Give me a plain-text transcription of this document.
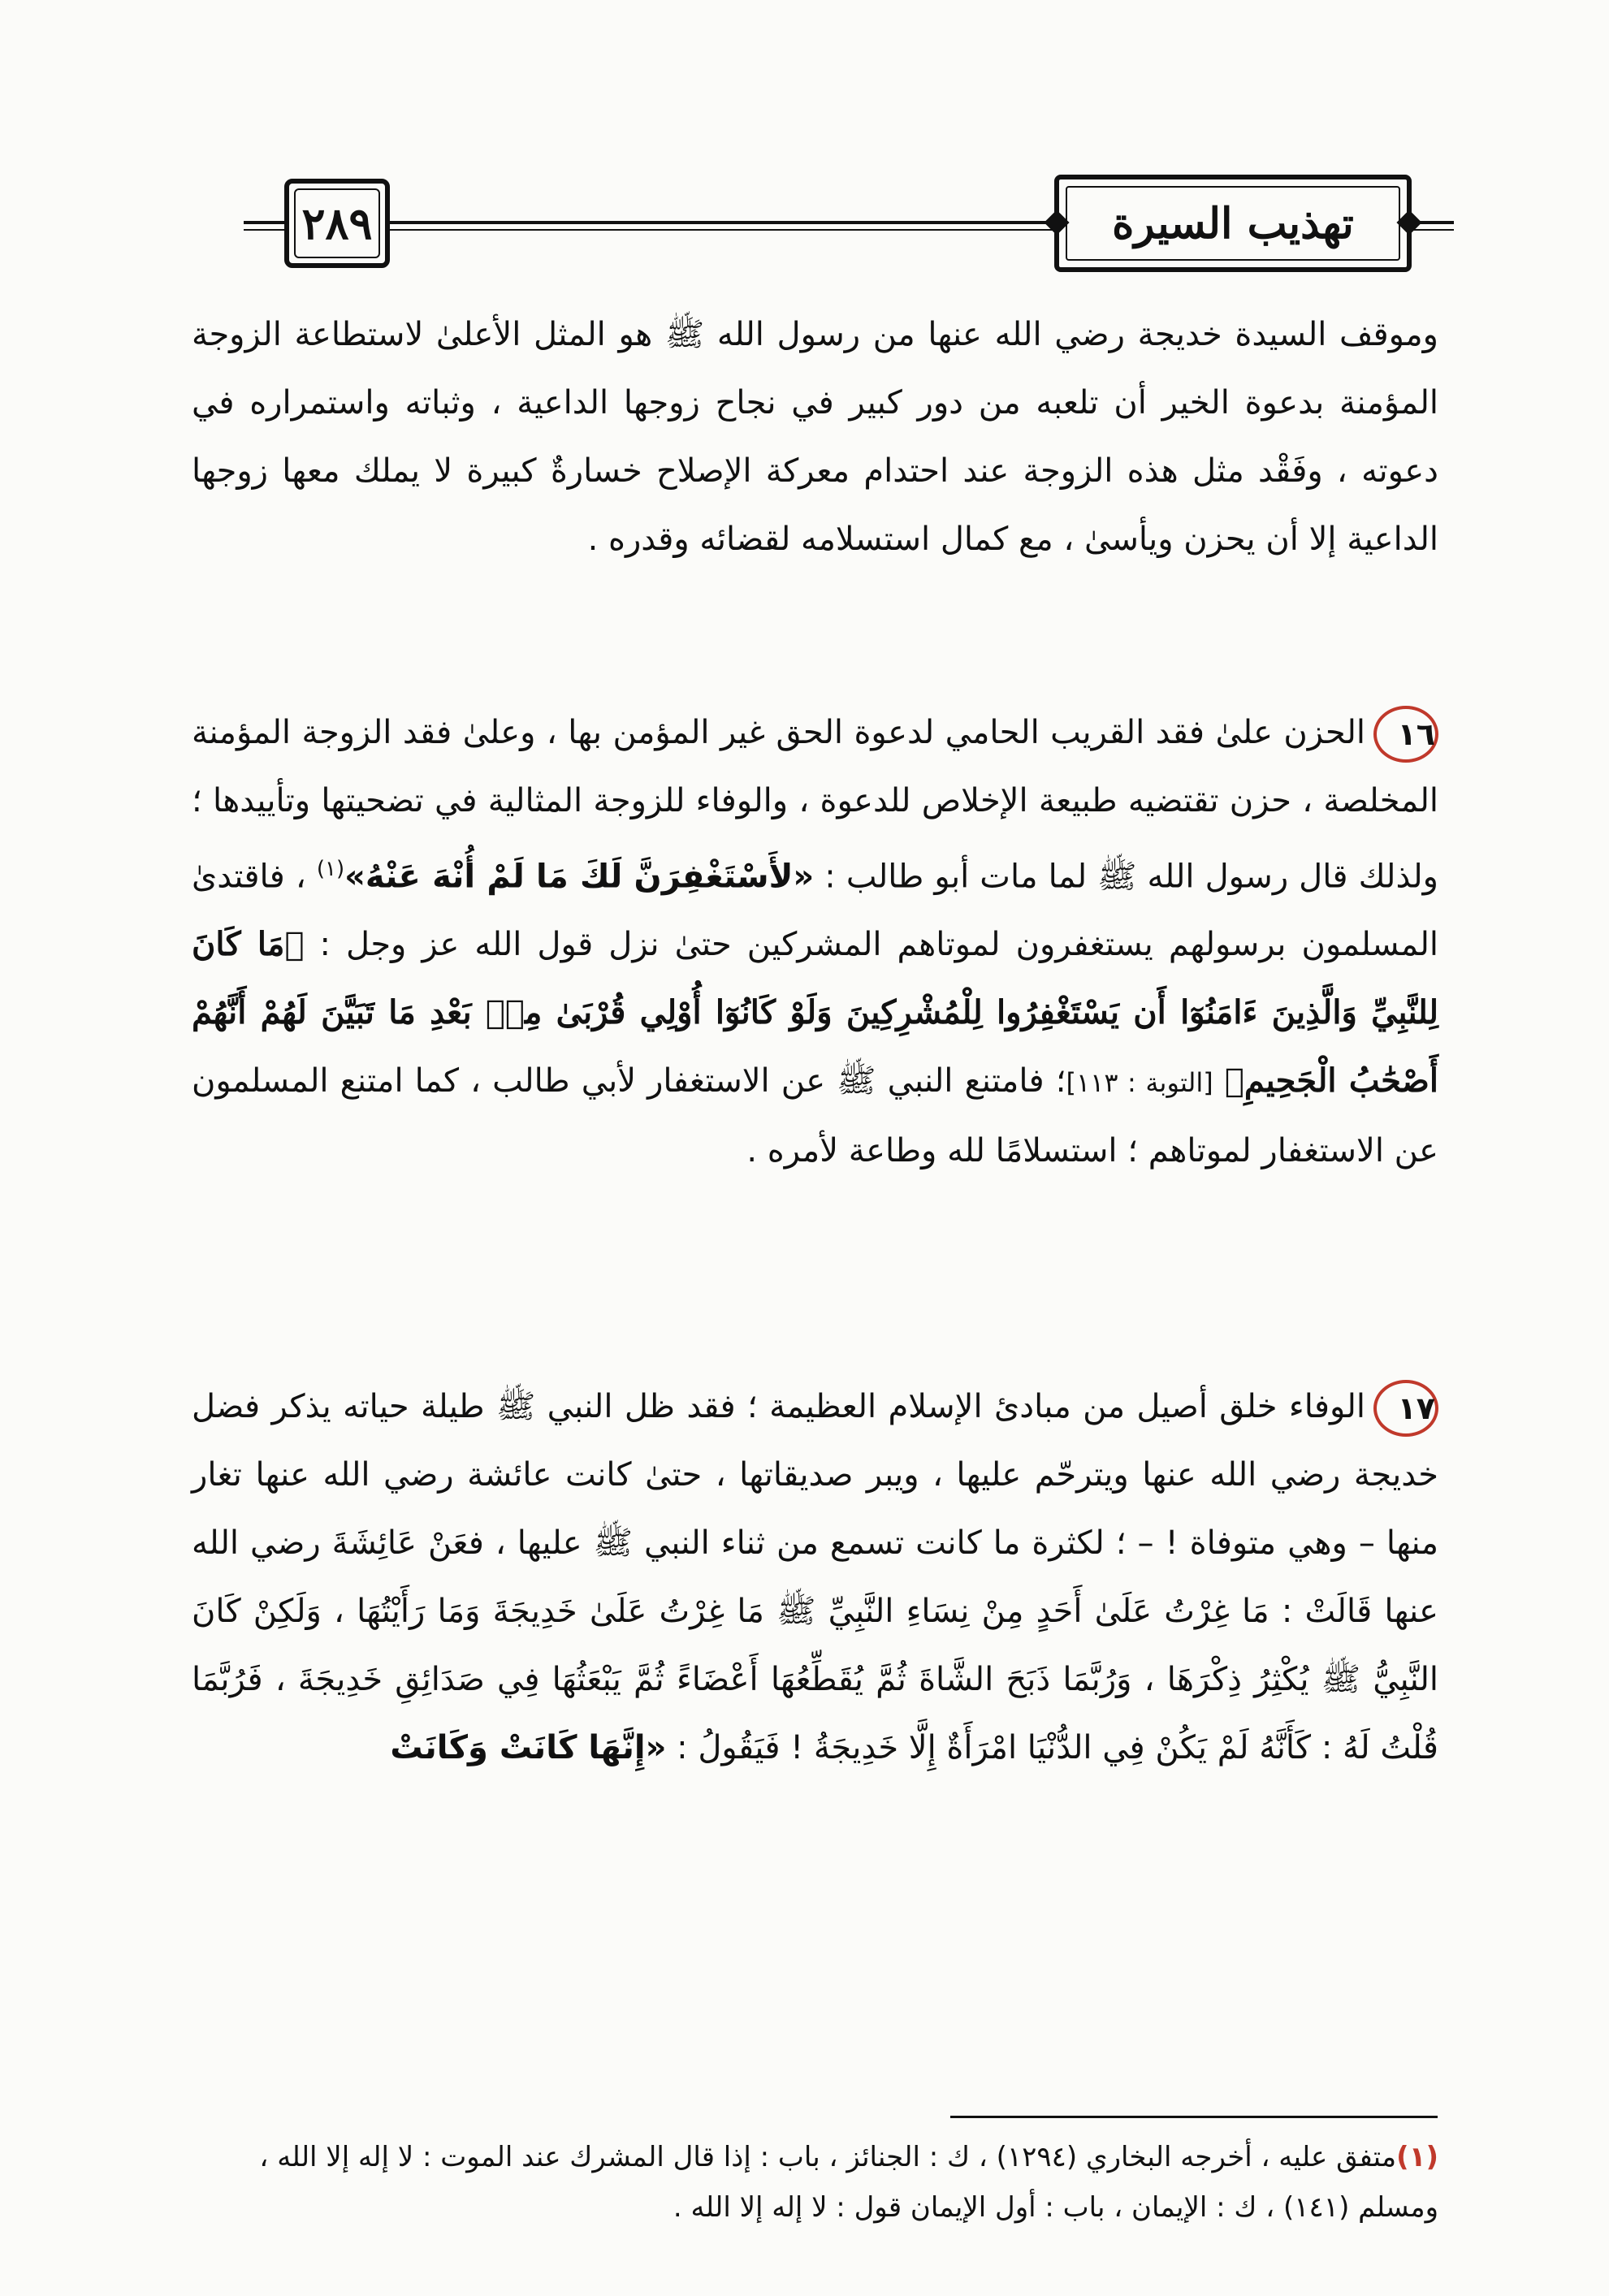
٢٨٩	تهذيب السيرة

وموقف السيدة خديجة رضي الله عنها من رسول الله ﷺ هو المثل الأعلىٰ لاستطاعة الزوجة المؤمنة بدعوة الخير أن تلعبه من دور كبير في نجاح زوجها الداعية ، وثباته واستمراره في دعوته ، وفَقْد مثل هذه الزوجة عند احتدام معركة الإصلاح خسارةٌ كبيرة لا يملك معها زوجها الداعية إلا أن يحزن ويأسىٰ ، مع كمال استسلامه لقضائه وقدره .

١٦الحزن علىٰ فقد القريب الحامي لدعوة الحق غير المؤمن بها ، وعلىٰ فقد الزوجة المؤمنة المخلصة ، حزن تقتضيه طبيعة الإخلاص للدعوة ، والوفاء للزوجة المثالية في تضحيتها وتأييدها ؛ ولذلك قال رسول الله ﷺ لما مات أبو طالب : «لأَسْتَغْفِرَنَّ لَكَ مَا لَمْ أُنْهَ عَنْهُ»$^{(١)}$ ، فاقتدىٰ المسلمون برسولهم يستغفرون لموتاهم المشركين حتىٰ نزل قول الله عز وجل : ﴿مَا كَانَ لِلنَّبِيِّ وَالَّذِينَ ءَامَنُوٓا أَن يَسْتَغْفِرُوا لِلْمُشْرِكِينَ وَلَوْ كَانُوٓا أُوْلِي قُرْبَىٰ مِنۢ بَعْدِ مَا تَبَيَّنَ لَهُمْ أَنَّهُمْ أَصْحَٰبُ الْجَحِيمِ﴾ [التوبة : ١١٣]؛ فامتنع النبي ﷺ عن الاستغفار لأبي طالب ، كما امتنع المسلمون عن الاستغفار لموتاهم ؛ استسلامًا لله وطاعة لأمره .

١٧الوفاء خلق أصيل من مبادئ الإسلام العظيمة ؛ فقد ظل النبي ﷺ طيلة حياته يذكر فضل خديجة رضي الله عنها ويترحّم عليها ، ويبر صديقاتها ، حتىٰ كانت عائشة رضي الله عنها تغار منها – وهي متوفاة ! – ؛ لكثرة ما كانت تسمع من ثناء النبي ﷺ عليها ، فعَنْ عَائِشَةَ رضي الله عنها قَالَتْ : مَا غِرْتُ عَلَىٰ أَحَدٍ مِنْ نِسَاءِ النَّبِيِّ ﷺ مَا غِرْتُ عَلَىٰ خَدِيجَةَ وَمَا رَأَيْتُهَا ، وَلَكِنْ كَانَ النَّبِيُّ ﷺ يُكْثِرُ ذِكْرَهَا ، وَرُبَّمَا ذَبَحَ الشَّاةَ ثُمَّ يُقَطِّعُهَا أَعْضَاءً ثُمَّ يَبْعَثُهَا فِي صَدَائِقِ خَدِيجَةَ ، فَرُبَّمَا قُلْتُ لَهُ : كَأَنَّهُ لَمْ يَكُنْ فِي الدُّنْيَا امْرَأَةٌ إِلَّا خَدِيجَةُ ! فَيَقُولُ : «إِنَّهَا كَانَتْ وَكَانَتْ

(١)متفق عليه ، أخرجه البخاري (١٢٩٤) ، ك : الجنائز ، باب : إذا قال المشرك عند الموت : لا إله إلا الله ، ومسلم (١٤١) ، ك : الإيمان ، باب : أول الإيمان قول : لا إله إلا الله .
